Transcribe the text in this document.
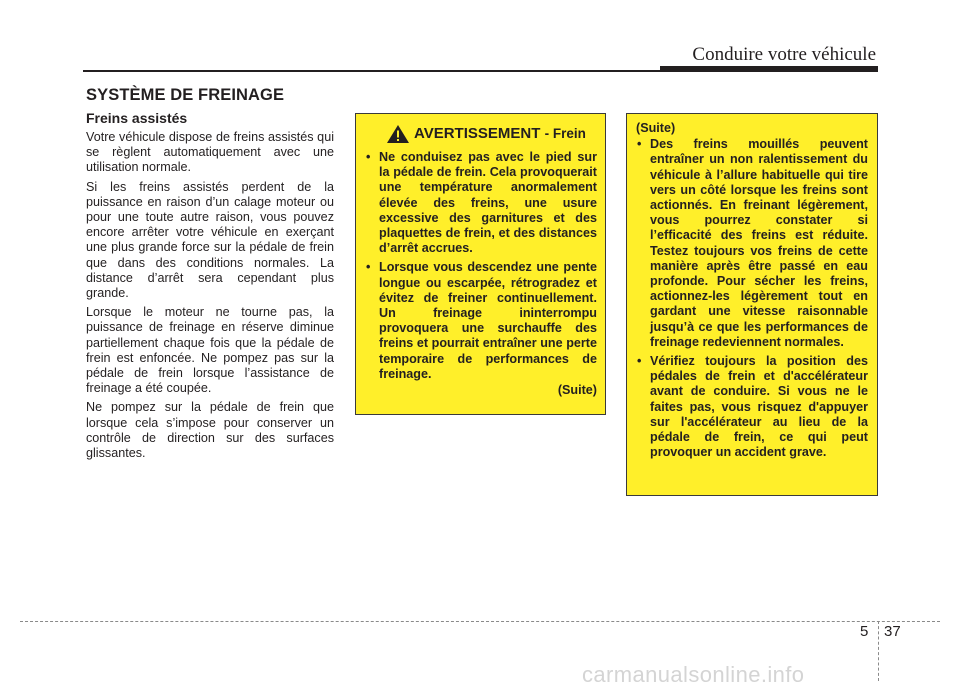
Conduire votre véhicule
SYSTÈME DE FREINAGE
Freins assistés

Votre véhicule dispose de freins assistés qui se règlent automatiquement avec une utilisation normale.

Si les freins assistés perdent de la puissance en raison d’un calage moteur ou pour une toute autre raison, vous pouvez encore arrêter votre véhicule en exerçant une plus grande force sur la pédale de frein que dans des conditions normales. La distance d’arrêt sera cependant plus grande.

Lorsque le moteur ne tourne pas, la puissance de freinage en réserve diminue partiellement chaque fois que la pédale de frein est enfoncée. Ne pompez pas sur la pédale de frein lorsque l’assistance de freinage a été coupée.

Ne pompez sur la pédale de frein que lorsque cela s’impose pour conserver un contrôle de direction sur des surfaces glissantes.

AVERTISSEMENT - Frein
• Ne conduisez pas avec le pied sur la pédale de frein. Cela provoquerait une température anormalement élevée des freins, une usure excessive des garnitures et des plaquettes de frein, et des distances d’arrêt accrues.
• Lorsque vous descendez une pente longue ou escarpée, rétrogradez et évitez de freiner continuellement. Un freinage ininterrompu provoquera une surchauffe des freins et pourrait entraîner une perte temporaire de performances de freinage.
(Suite)
(Suite)
• Des freins mouillés peuvent entraîner un non ralentissement du véhicule à l’allure habituelle qui tire vers un côté lorsque les freins sont actionnés. En freinant légèrement, vous pourrez constater si l’efficacité des freins est réduite. Testez toujours vos freins de cette manière après être passé en eau profonde. Pour sécher les freins, actionnez-les légèrement tout en gardant une vitesse raisonnable jusqu’à ce que les performances de freinage redeviennent normales.
• Vérifiez toujours la position des pédales de frein et d'accélérateur avant de conduire. Si vous ne le faites pas, vous risquez d'appuyer sur l'accélérateur au lieu de la pédale de frein, ce qui peut provoquer un accident grave.
5 37
carmanualsonline.info
